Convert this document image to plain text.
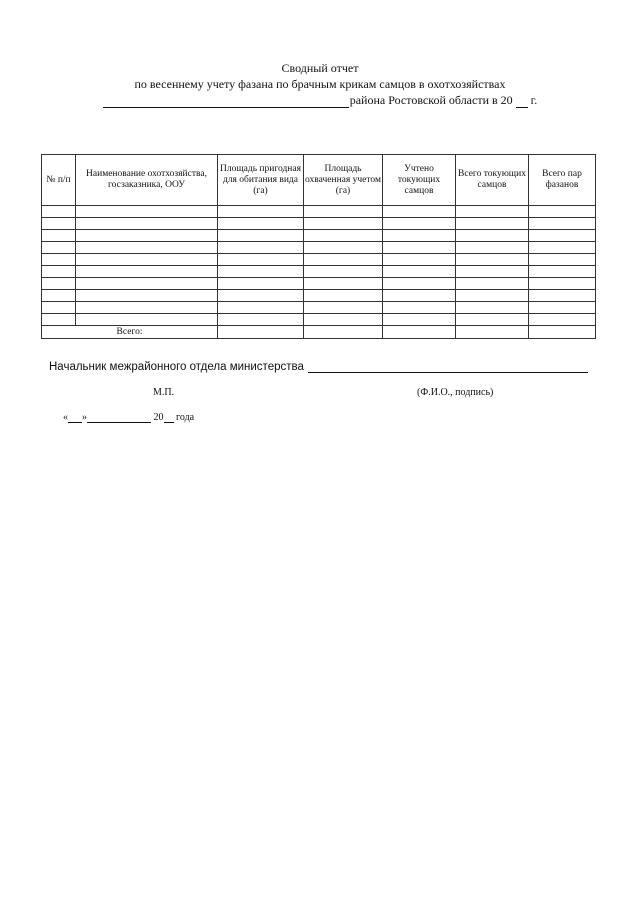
Сводный отчет
по весеннему учету фазана по брачным крикам самцов в охотхозяйствах
района Ростовской области в 20 г.
№ п/п	Наименование охотхозяйства, госзаказника, ООУ	Площадь пригодная для обитания вида (га)	Площадь охваченная учетом (га)	Учтено токующих самцов	Всего токующих самцов	Всего пар фазанов

Всего:						
Начальник межрайонного отдела министерства
М.П.	(Ф.И.О., подпись)
« »	20 года
